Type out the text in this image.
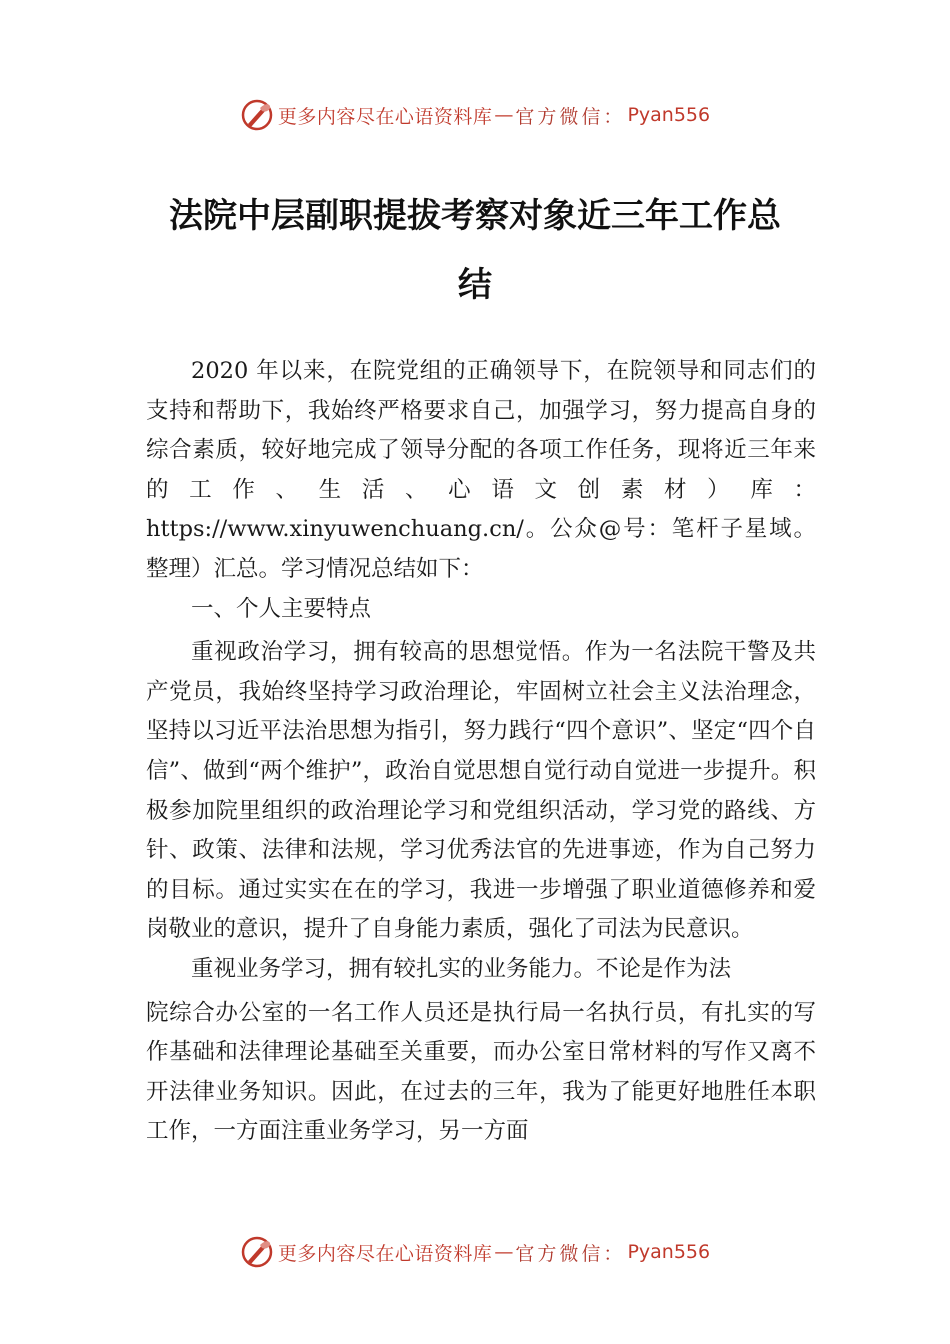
更多内容尽在心语资料库 — 官方微信： Pyan556
法院中层副职提拔考察对象近三年工作总
结

2020 年以来，在院党组的正确领导下，在院领导和同志们的支持和帮助下，我始终严格要求自己，加强学习，努力提高自身的综合素质，较好地完成了领导分配的各项工作任务，现将近三年来的工作、生活、心语文创素材）库：https://www.xinyuwenchuang.cn/。公众@号：笔杆子星域。整理）汇总。学习情况总结如下：

一、个人主要特点

重视政治学习，拥有较高的思想觉悟。作为一名法院干警及共产党员，我始终坚持学习政治理论，牢固树立社会主义法治理念，坚持以习近平法治思想为指引，努力践行“四个意识”、坚定“四个自信”、做到“两个维护”，政治自觉思想自觉行动自觉进一步提升。积极参加院里组织的政治理论学习和党组织活动，学习党的路线、方针、政策、法律和法规，学习优秀法官的先进事迹，作为自己努力的目标。通过实实在在的学习，我进一步增强了职业道德修养和爱岗敬业的意识，提升了自身能力素质，强化了司法为民意识。

重视业务学习，拥有较扎实的业务能力。不论是作为法

院综合办公室的一名工作人员还是执行局一名执行员，有扎实的写作基础和法律理论基础至关重要，而办公室日常材料的写作又离不开法律业务知识。因此，在过去的三年，我为了能更好地胜任本职工作，一方面注重业务学习，另一方面

更多内容尽在心语资料库 — 官方微信： Pyan556
